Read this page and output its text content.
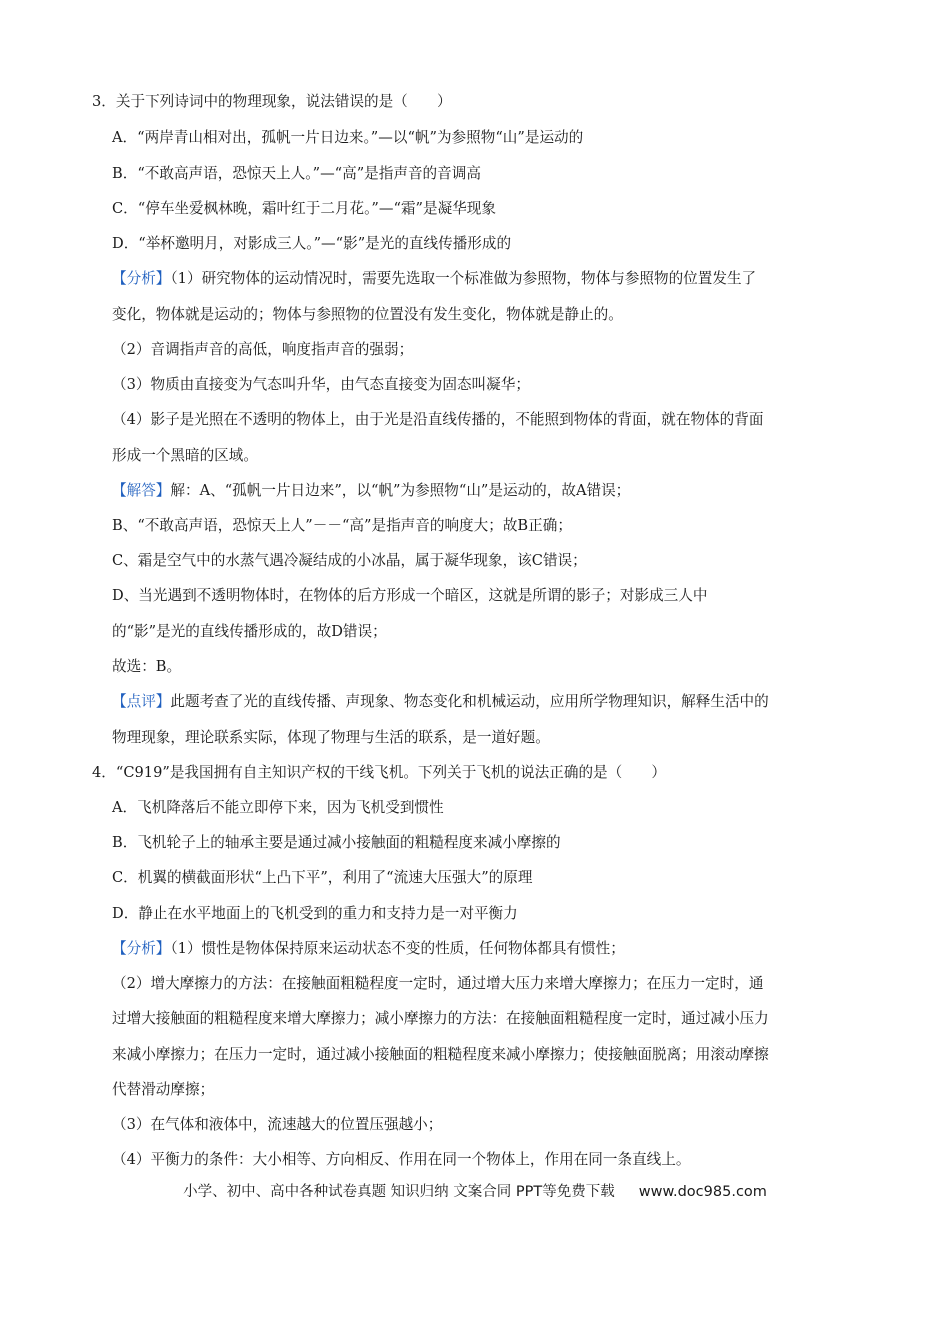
3．关于下列诗词中的物理现象，说法错误的是（　　）
A．“两岸青山相对出，孤帆一片日边来。”—以“帆”为参照物“山”是运动的
B．“不敢高声语，恐惊天上人。”—“高”是指声音的音调高
C．“停车坐爱枫林晚，霜叶红于二月花。”—“霜”是凝华现象
D．“举杯邀明月，对影成三人。”—“影”是光的直线传播形成的
【分析】（1）研究物体的运动情况时，需要先选取一个标准做为参照物，物体与参照物的位置发生了
变化，物体就是运动的；物体与参照物的位置没有发生变化，物体就是静止的。
（2）音调指声音的高低，响度指声音的强弱；
（3）物质由直接变为气态叫升华，由气态直接变为固态叫凝华；
（4）影子是光照在不透明的物体上，由于光是沿直线传播的，不能照到物体的背面，就在物体的背面
形成一个黑暗的区域。
【解答】解：A、“孤帆一片日边来”，以“帆”为参照物“山”是运动的，故A错误；
B、“不敢高声语，恐惊天上人”－－“高”是指声音的响度大；故B正确；
C、霜是空气中的水蒸气遇冷凝结成的小冰晶，属于凝华现象，该C错误；
D、当光遇到不透明物体时，在物体的后方形成一个暗区，这就是所谓的影子；对影成三人中
的“影”是光的直线传播形成的，故D错误；
故选：B。
【点评】此题考查了光的直线传播、声现象、物态变化和机械运动，应用所学物理知识，解释生活中的
物理现象，理论联系实际，体现了物理与生活的联系，是一道好题。
4．“C919”是我国拥有自主知识产权的干线飞机。下列关于飞机的说法正确的是（　　）
A．飞机降落后不能立即停下来，因为飞机受到惯性
B．飞机轮子上的轴承主要是通过减小接触面的粗糙程度来减小摩擦的
C．机翼的横截面形状“上凸下平”，利用了“流速大压强大”的原理
D．静止在水平地面上的飞机受到的重力和支持力是一对平衡力
【分析】（1）惯性是物体保持原来运动状态不变的性质，任何物体都具有惯性；
（2）增大摩擦力的方法：在接触面粗糙程度一定时，通过增大压力来增大摩擦力；在压力一定时，通
过增大接触面的粗糙程度来增大摩擦力；减小摩擦力的方法：在接触面粗糙程度一定时，通过减小压力
来减小摩擦力；在压力一定时，通过减小接触面的粗糙程度来减小摩擦力；使接触面脱离；用滚动摩擦
代替滑动摩擦；
（3）在气体和液体中，流速越大的位置压强越小；
（4）平衡力的条件：大小相等、方向相反、作用在同一个物体上，作用在同一条直线上。
小学、初中、高中各种试卷真题 知识归纳 文案合同 PPT等免费下载 www.doc985.com
